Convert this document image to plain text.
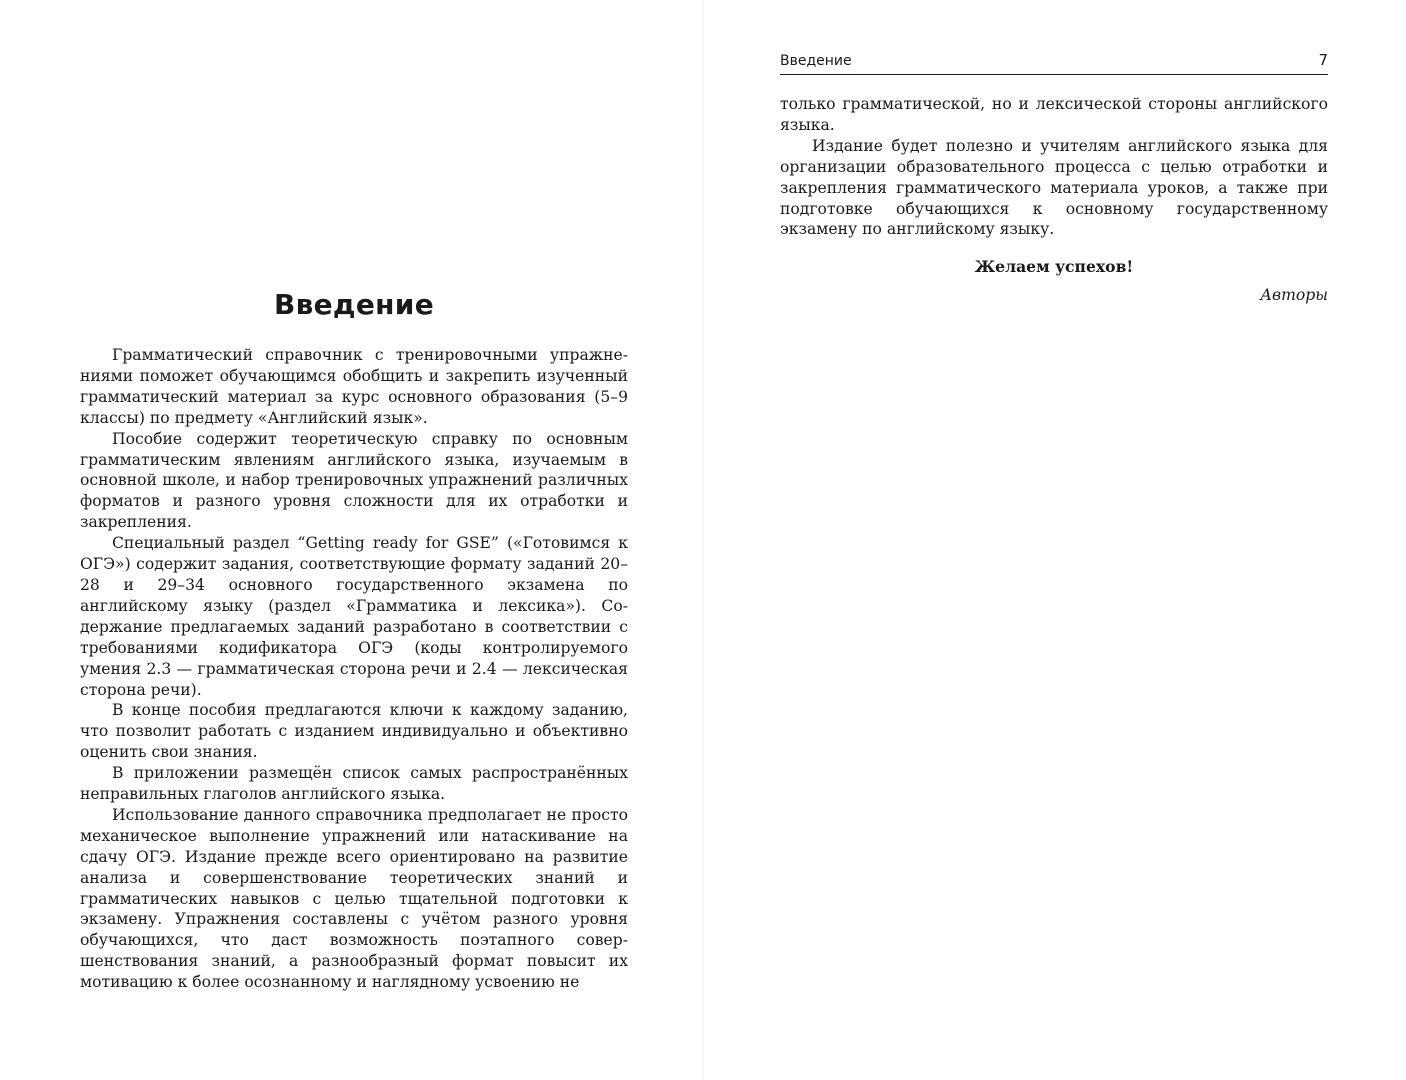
Введение

Грамматический справочник с тренировочными упражнениями поможет обучающимся обобщить и закрепить изученный грамматический материал за курс основного образования (5–9 классы) по предмету «Английский язык».

Пособие содержит теоретическую справку по основным грамматическим явлениям английского языка, изучаемым в основной школе, и набор тренировочных упражнений различных форматов и разного уровня сложности для их отработки и закрепления.

Специальный раздел “Getting ready for GSE” («Готовимся к ОГЭ») содержит задания, соответствующие формату заданий 20–28 и 29–34 основного государственного экзамена по английскому языку (раздел «Грамматика и лексика»). Содержание предлагаемых заданий разработано в соответствии с требованиями кодификатора ОГЭ (коды контролируемого умения 2.3 — грамматическая сторона речи и 2.4 — лексическая сторона речи).

В конце пособия предлагаются ключи к каждому заданию, что позволит работать с изданием индивидуально и объективно оценить свои знания.

В приложении размещён список самых распространённых неправильных глаголов английского языка.

Использование данного справочника предполагает не просто механическое выполнение упражнений или натаскивание на сдачу ОГЭ. Издание прежде всего ориентировано на развитие анализа и совершенствование теоретических знаний и грамматических навыков с целью тщательной подготовки к экзамену. Упражнения составлены с учётом разного уровня обучающихся, что даст возможность поэтапного совершенствования знаний, а разнообразный формат повысит их мотивацию к более осознанному и наглядному усвоению не

Введение	7

только грамматической, но и лексической стороны английского языка.

Издание будет полезно и учителям английского языка для организации образовательного процесса с целью отработки и закрепления грамматического материала уроков, а также при подготовке обучающихся к основному государственному экзамену по английскому языку.

Желаем успехов!

Авторы
